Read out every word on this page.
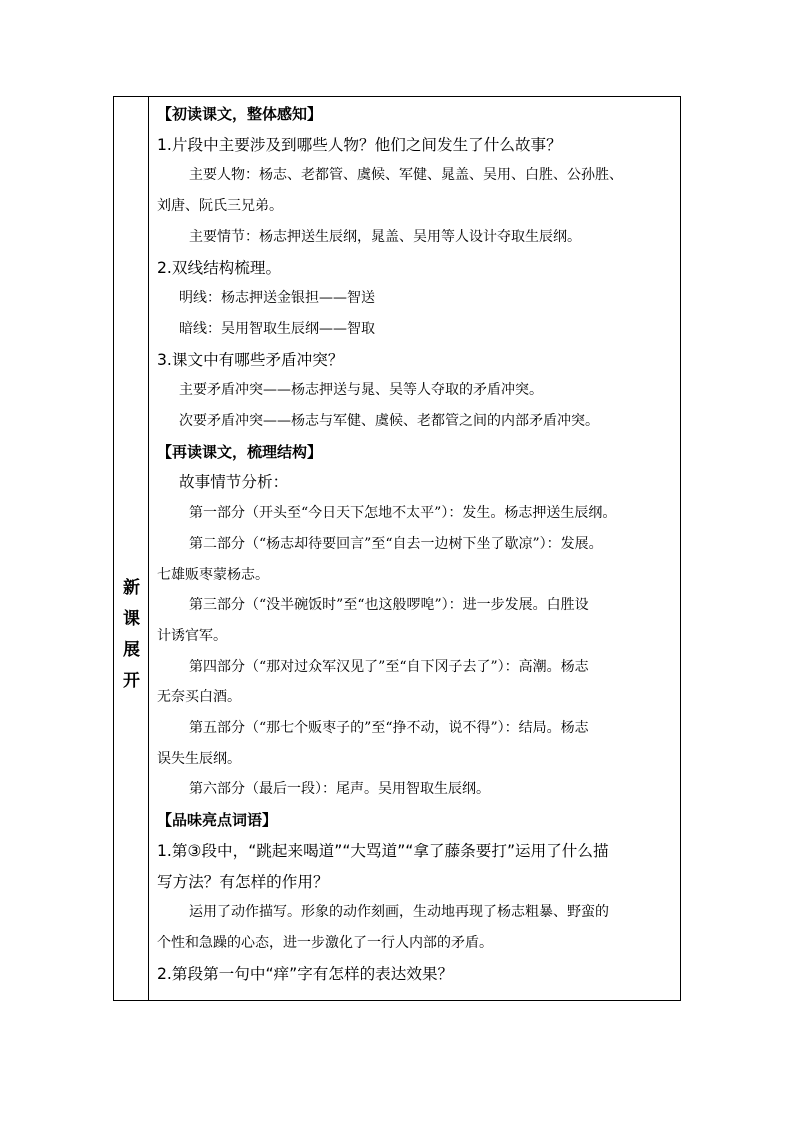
新
课
展
开
【初读课文，整体感知】
1.片段中主要涉及到哪些人物？他们之间发生了什么故事？
主要人物：杨志、老都管、虞候、军健、晁盖、吴用、白胜、公孙胜、
刘唐、阮氏三兄弟。
主要情节：杨志押送生辰纲，晁盖、吴用等人设计夺取生辰纲。
2.双线结构梳理。
明线：杨志押送金银担——智送
暗线：吴用智取生辰纲——智取
3.课文中有哪些矛盾冲突？
主要矛盾冲突——杨志押送与晁、吴等人夺取的矛盾冲突。
次要矛盾冲突——杨志与军健、虞候、老都管之间的内部矛盾冲突。
【再读课文，梳理结构】
故事情节分析：
第一部分（开头至“今日天下怎地不太平”）：发生。杨志押送生辰纲。
第二部分（“杨志却待要回言”至“自去一边树下坐了歇凉”）：发展。
七雄贩枣蒙杨志。
第三部分（“没半碗饭时”至“也这般啰唣”）：进一步发展。白胜设
计诱官军。
第四部分（“那对过众军汉见了”至“自下冈子去了”）：高潮。杨志
无奈买白酒。
第五部分（“那七个贩枣子的”至“挣不动，说不得”）：结局。杨志
误失生辰纲。
第六部分（最后一段）：尾声。吴用智取生辰纲。
【品味亮点词语】
1.第③段中，“跳起来喝道”“大骂道”“拿了藤条要打”运用了什么描
写方法？有怎样的作用？
运用了动作描写。形象的动作刻画，生动地再现了杨志粗暴、野蛮的
个性和急躁的心态，进一步激化了一行人内部的矛盾。
2.第段第一句中“痒”字有怎样的表达效果？
